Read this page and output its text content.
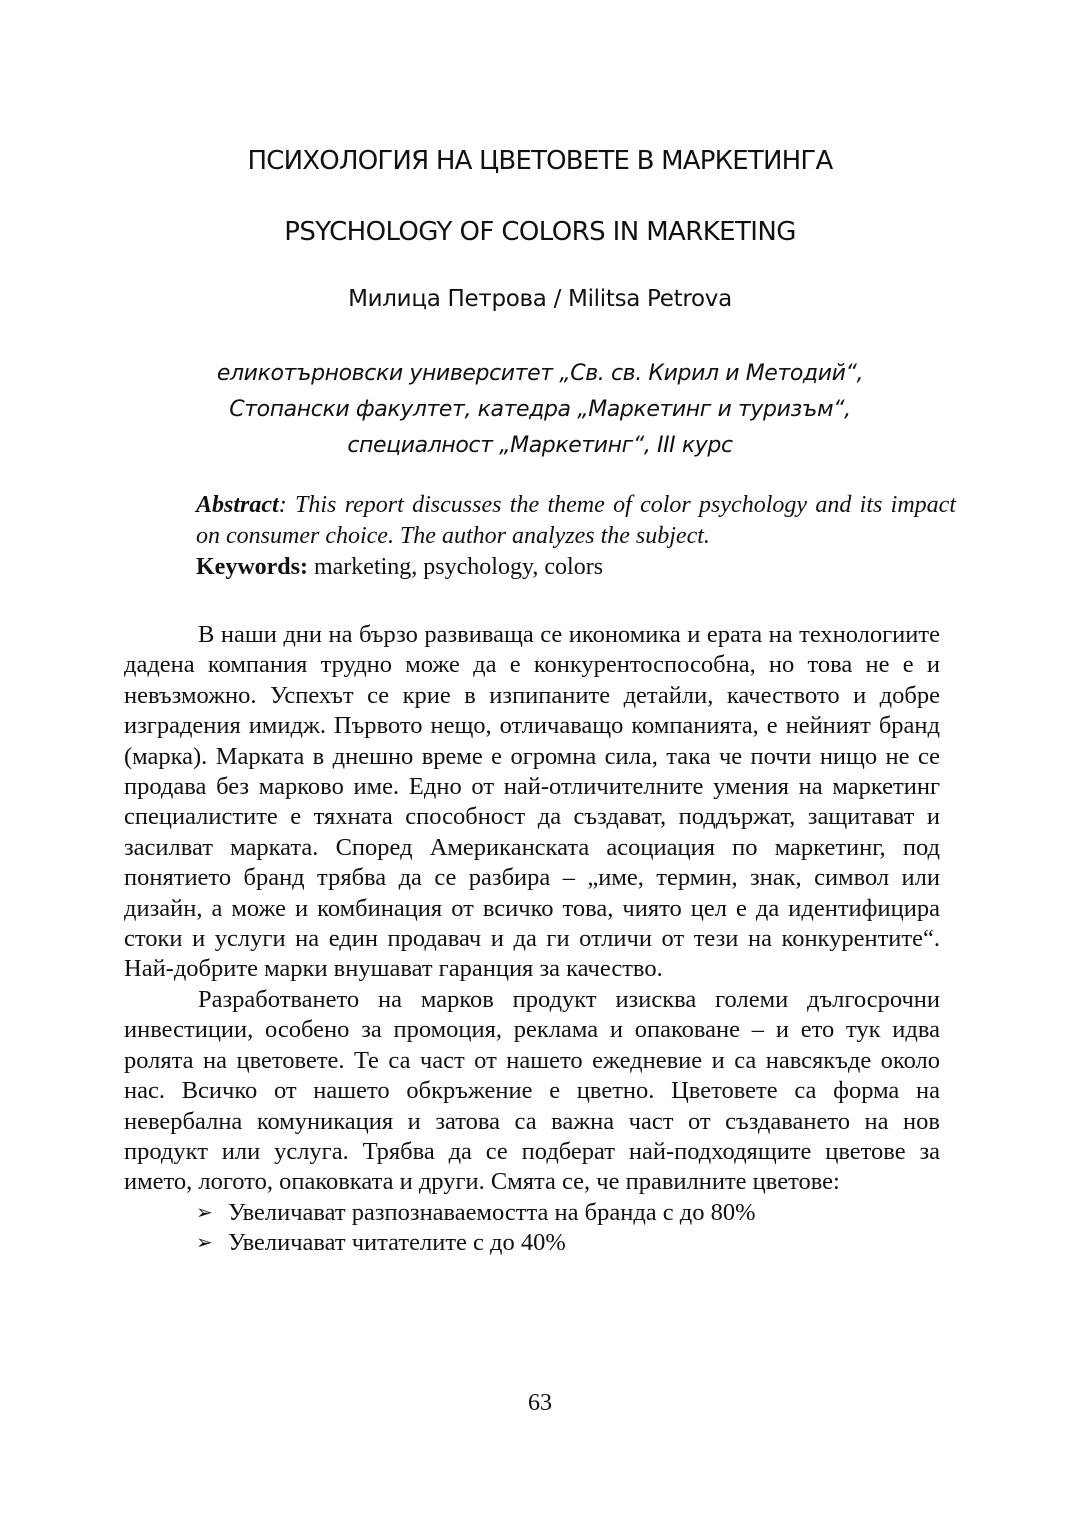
ПСИХОЛОГИЯ НА ЦВЕТОВЕТЕ В МАРКЕТИНГА
PSYCHOLOGY OF COLORS IN MARKETING
Милица Петрова / Militsa Petrova
еликотърновски университет „Св. св. Кирил и Методий“,
Стопански факултет, катедра „Маркетинг и туризъм“,
специалност „Маркетинг“, III курс
Abstract: This report discusses the theme of color psychology and its impact on consumer choice. The author analyzes the subject.
Keywords: marketing, psychology, colors

В наши дни на бързо развиваща се икономика и ерата на технологиите дадена компания трудно може да е конкурентоспособна, но това не е и невъзможно. Успехът се крие в изпипаните детайли, качеството и добре изградения имидж. Първото нещо, отличаващо компанията, е нейният бранд (марка). Марката в днешно време е огромна сила, така че почти нищо не се продава без марково име. Едно от най-отличителните умения на маркетинг специалистите е тяхната способност да създават, поддържат, защитават и засилват марката. Според Американската асоциация по маркетинг, под понятието бранд трябва да се разбира – „име, термин, знак, символ или дизайн, а може и комбинация от всичко това, чиято цел е да идентифицира стоки и услуги на един продавач и да ги отличи от тези на конкурентите“. Най-добрите марки внушават гаранция за качество.

Разработването на марков продукт изисква големи дългосрочни инвестиции, особено за промоция, реклама и опаковане – и ето тук идва ролята на цветовете. Те са част от нашето ежедневие и са навсякъде около нас. Всичко от нашето обкръжение е цветно. Цветовете са форма на невербална комуникация и затова са важна част от създаването на нов продукт или услуга. Трябва да се подберат най-подходящите цветове за името, логото, опаковката и други. Смята се, че правилните цветове:

➢ Увеличават разпознаваемостта на бранда с до 80%
➢ Увеличават читателите с до 40%
63
